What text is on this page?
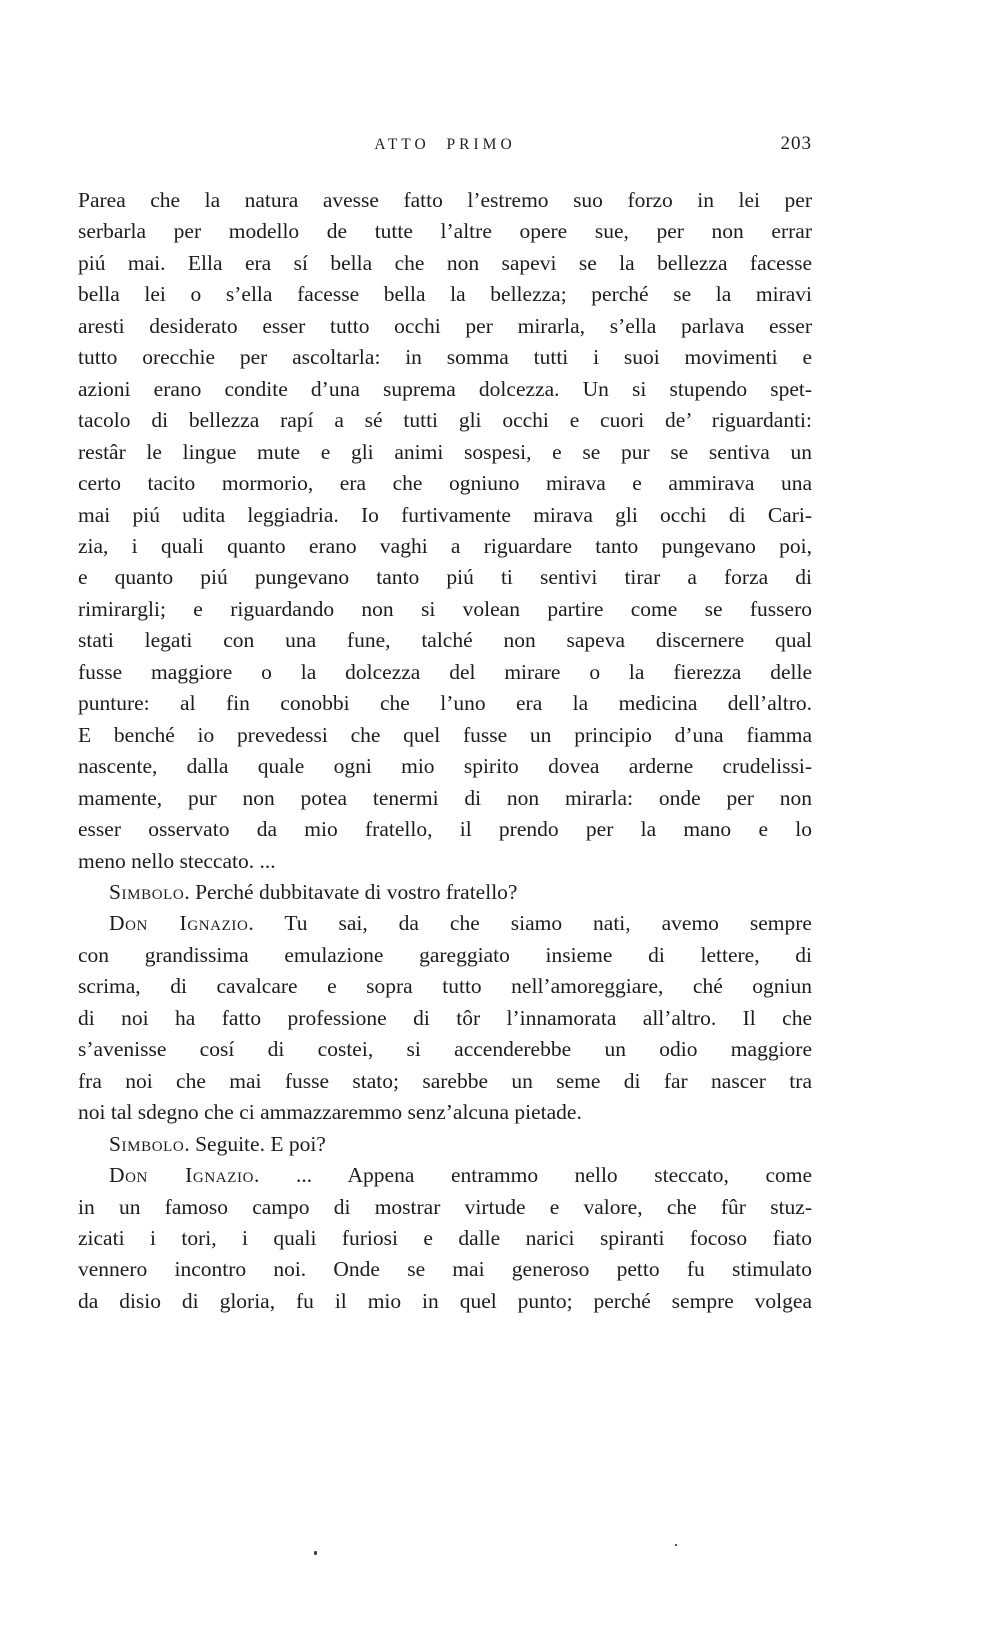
ATTO PRIMO	203
Parea che la natura avesse fatto l’estremo suo forzo in lei per
serbarla per modello de tutte l’altre opere sue, per non errar
piú mai. Ella era sí bella che non sapevi se la bellezza facesse
bella lei o s’ella facesse bella la bellezza; perché se la miravi
aresti desiderato esser tutto occhi per mirarla, s’ella parlava esser
tutto orecchie per ascoltarla: in somma tutti i suoi movimenti e
azioni erano condite d’una suprema dolcezza. Un si stupendo spet-
tacolo di bellezza rapí a sé tutti gli occhi e cuori de’ riguardanti:
restâr le lingue mute e gli animi sospesi, e se pur se sentiva un
certo tacito mormorio, era che ogniuno mirava e ammirava una
mai piú udita leggiadria. Io furtivamente mirava gli occhi di Cari-
zia, i quali quanto erano vaghi a riguardare tanto pungevano poi,
e quanto piú pungevano tanto piú ti sentivi tirar a forza di
rimirargli; e riguardando non si volean partire come se fussero
stati legati con una fune, talché non sapeva discernere qual
fusse maggiore o la dolcezza del mirare o la fierezza delle
punture: al fin conobbi che l’uno era la medicina dell’altro.
E benché io prevedessi che quel fusse un principio d’una fiamma
nascente, dalla quale ogni mio spirito dovea arderne crudelissi-
mamente, pur non potea tenermi di non mirarla: onde per non
esser osservato da mio fratello, il prendo per la mano e lo
meno nello steccato. ...
Simbolo. Perché dubbitavate di vostro fratello?
Don Ignazio. Tu sai, da che siamo nati, avemo sempre
con grandissima emulazione gareggiato insieme di lettere, di
scrima, di cavalcare e sopra tutto nell’amoreggiare, ché ogniun
di noi ha fatto professione di tôr l’innamorata all’altro. Il che
s’avenisse cosí di costei, si accenderebbe un odio maggiore
fra noi che mai fusse stato; sarebbe un seme di far nascer tra
noi tal sdegno che ci ammazzaremmo senz’alcuna pietade.
Simbolo. Seguite. E poi?
Don Ignazio. ... Appena entrammo nello steccato, come
in un famoso campo di mostrar virtude e valore, che fûr stuz-
zicati i tori, i quali furiosi e dalle narici spiranti focoso fiato
vennero incontro noi. Onde se mai generoso petto fu stimulato
da disio di gloria, fu il mio in quel punto; perché sempre volgea
